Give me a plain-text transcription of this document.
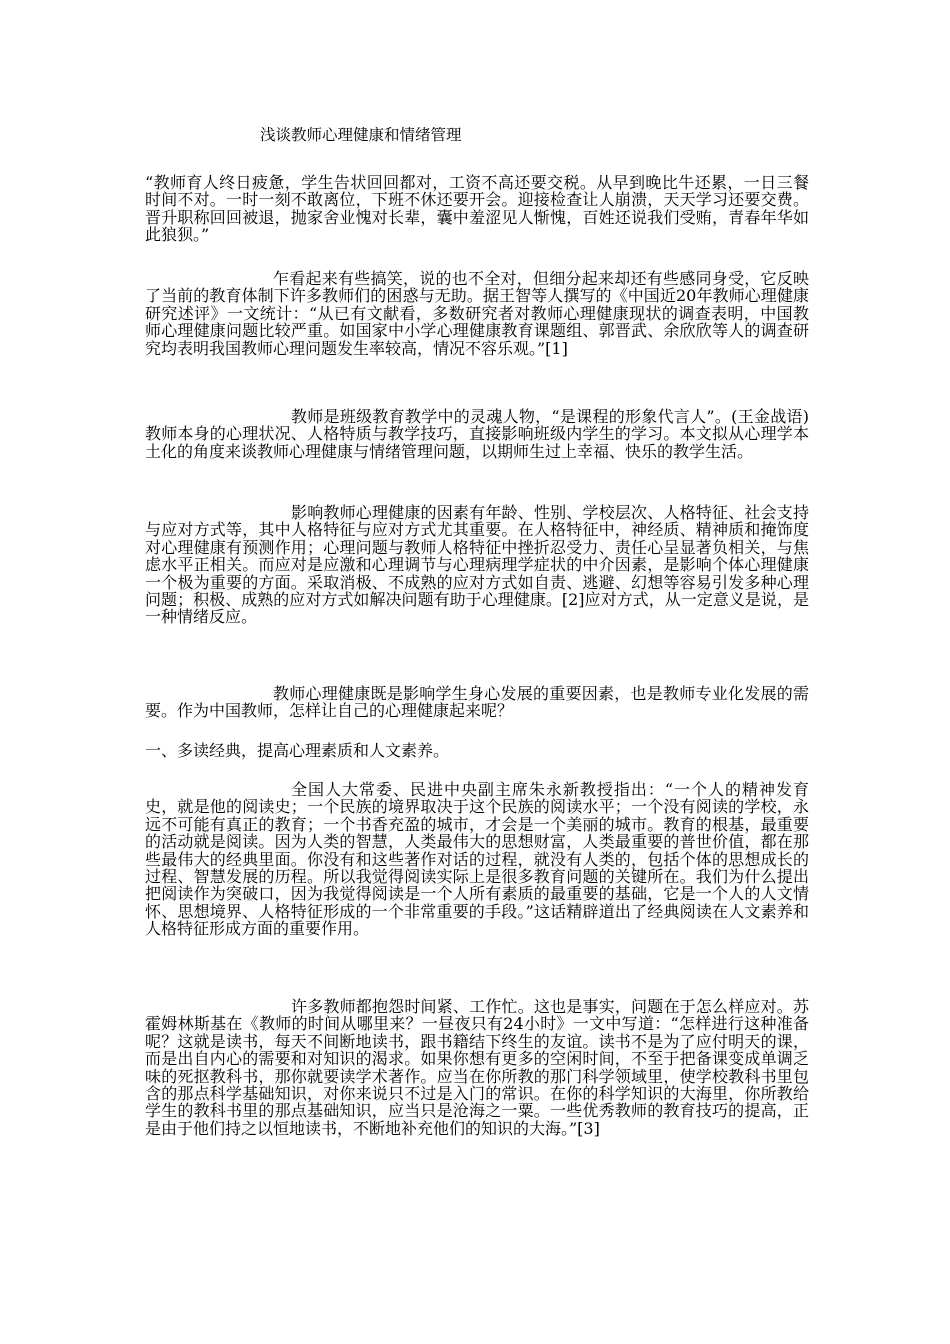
浅谈教师心理健康和情绪管理

“教师育人终日疲惫，学生告状回回都对，工资不高还要交税。从早到晚比牛还累，一日三餐时间不对。一时一刻不敢离位，下班不休还要开会。迎接检查让人崩溃，天天学习还要交费。晋升职称回回被退，抛家舍业愧对长辈，囊中羞涩见人惭愧，百姓还说我们受贿，青春年华如此狼狈。”

乍看起来有些搞笑，说的也不全对，但细分起来却还有些感同身受，它反映了当前的教育体制下许多教师们的困惑与无助。据王智等人撰写的《中国近20年教师心理健康研究述评》一文统计：“从已有文献看，多数研究者对教师心理健康现状的调查表明，中国教师心理健康问题比较严重。如国家中小学心理健康教育课题组、郭晋武、余欣欣等人的调查研究均表明我国教师心理问题发生率较高，情况不容乐观。”[1]

教师是班级教育教学中的灵魂人物，“是课程的形象代言人”。(王金战语)教师本身的心理状况、人格特质与教学技巧，直接影响班级内学生的学习。本文拟从心理学本土化的角度来谈教师心理健康与情绪管理问题，以期师生过上幸福、快乐的教学生活。

影响教师心理健康的因素有年龄、性别、学校层次、人格特征、社会支持与应对方式等，其中人格特征与应对方式尤其重要。在人格特征中，神经质、精神质和掩饰度对心理健康有预测作用；心理问题与教师人格特征中挫折忍受力、责任心呈显著负相关，与焦虑水平正相关。而应对是应激和心理调节与心理病理学症状的中介因素，是影响个体心理健康一个极为重要的方面。采取消极、不成熟的应对方式如自责、逃避、幻想等容易引发多种心理问题；积极、成熟的应对方式如解决问题有助于心理健康。[2]应对方式，从一定意义是说，是一种情绪反应。

教师心理健康既是影响学生身心发展的重要因素，也是教师专业化发展的需要。作为中国教师，怎样让自己的心理健康起来呢？

一、多读经典，提高心理素质和人文素养。

全国人大常委、民进中央副主席朱永新教授指出：“一个人的精神发育史，就是他的阅读史；一个民族的境界取决于这个民族的阅读水平；一个没有阅读的学校，永远不可能有真正的教育；一个书香充盈的城市，才会是一个美丽的城市。教育的根基，最重要的活动就是阅读。因为人类的智慧，人类最伟大的思想财富，人类最重要的普世价值，都在那些最伟大的经典里面。你没有和这些著作对话的过程，就没有人类的，包括个体的思想成长的过程、智慧发展的历程。所以我觉得阅读实际上是很多教育问题的关键所在。我们为什么提出把阅读作为突破口，因为我觉得阅读是一个人所有素质的最重要的基础，它是一个人的人文情怀、思想境界、人格特征形成的一个非常重要的手段。”这话精辟道出了经典阅读在人文素养和人格特征形成方面的重要作用。

许多教师都抱怨时间紧、工作忙。这也是事实，问题在于怎么样应对。苏霍姆林斯基在《教师的时间从哪里来？一昼夜只有24小时》一文中写道：“怎样进行这种准备呢？这就是读书，每天不间断地读书，跟书籍结下终生的友谊。读书不是为了应付明天的课，而是出自内心的需要和对知识的渴求。如果你想有更多的空闲时间，不至于把备课变成单调乏味的死抠教科书，那你就要读学术著作。应当在你所教的那门科学领域里，使学校教科书里包含的那点科学基础知识，对你来说只不过是入门的常识。在你的科学知识的大海里，你所教给学生的教科书里的那点基础知识，应当只是沧海之一粟。一些优秀教师的教育技巧的提高，正是由于他们持之以恒地读书，不断地补充他们的知识的大海。”[3]
